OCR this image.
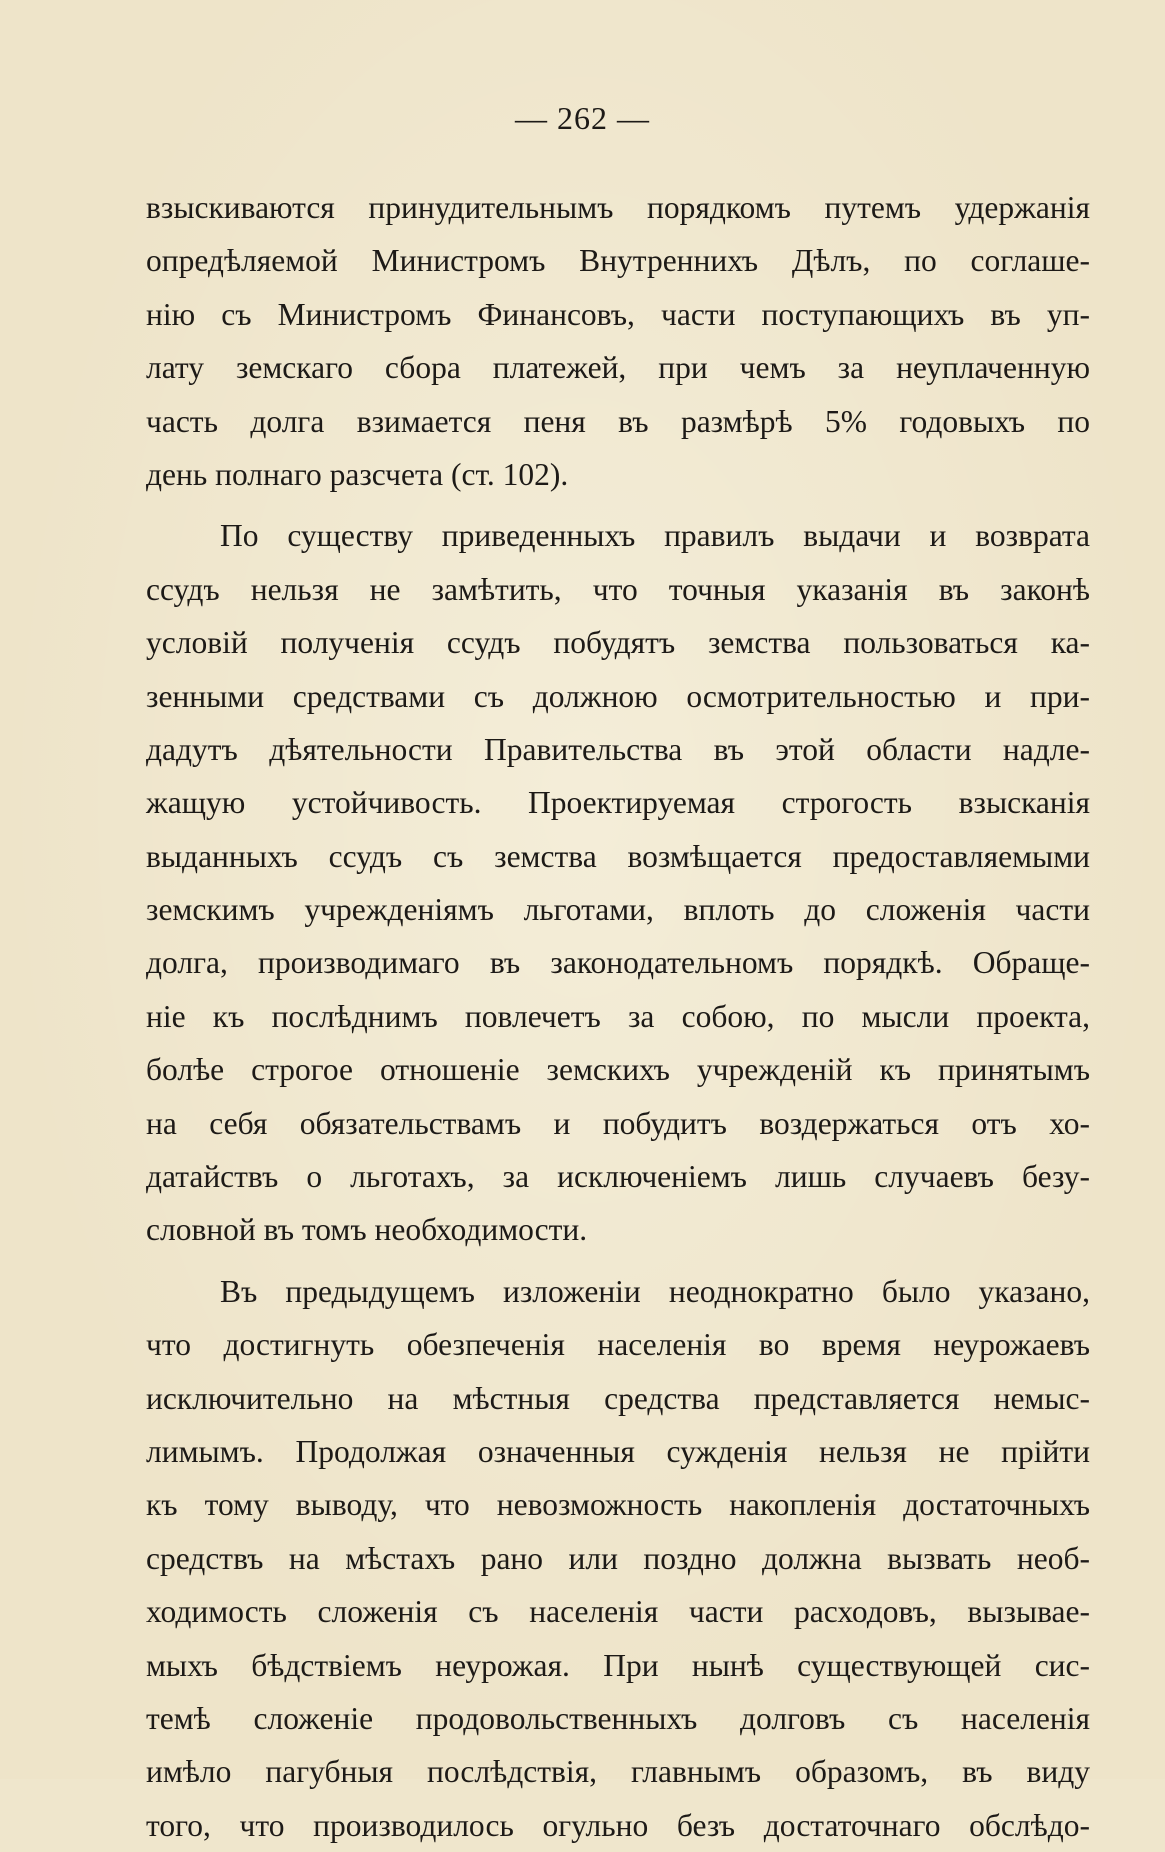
— 262 —
взыскиваются принудительнымъ порядкомъ путемъ удержанія
опредѣляемой Министромъ Внутреннихъ Дѣлъ, по соглаше-
нію съ Министромъ Финансовъ, части поступающихъ въ уп-
лату земскаго сбора платежей, при чемъ за неуплаченную
часть долга взимается пеня въ размѣрѣ 5% годовыхъ по
день полнаго разсчета (ст. 102).
По существу приведенныхъ правилъ выдачи и возврата
ссудъ нельзя не замѣтить, что точныя указанія въ законѣ
условій полученія ссудъ побудятъ земства пользоваться ка-
зенными средствами съ должною осмотрительностью и при-
дадутъ дѣятельности Правительства въ этой области надле-
жащую устойчивость. Проектируемая строгость взысканія
выданныхъ ссудъ съ земства возмѣщается предоставляемыми
земскимъ учрежденіямъ льготами, вплоть до сложенія части
долга, производимаго въ законодательномъ порядкѣ. Обраще-
ніе къ послѣднимъ повлечетъ за собою, по мысли проекта,
болѣе строгое отношеніе земскихъ учрежденій къ принятымъ
на себя обязательствамъ и побудитъ воздержаться отъ хо-
датайствъ о льготахъ, за исключеніемъ лишь случаевъ безу-
словной въ томъ необходимости.
Въ предыдущемъ изложеніи неоднократно было указано,
что достигнуть обезпеченія населенія во время неурожаевъ
исключительно на мѣстныя средства представляется немыс-
лимымъ. Продолжая означенныя сужденія нельзя не прійти
къ тому выводу, что невозможность накопленія достаточныхъ
средствъ на мѣстахъ рано или поздно должна вызвать необ-
ходимость сложенія съ населенія части расходовъ, вызывае-
мыхъ бѣдствіемъ неурожая. При нынѣ существующей сис-
темѣ сложеніе продовольственныхъ долговъ съ населенія
имѣло пагубныя послѣдствія, главнымъ образомъ, въ виду
того, что производилось огульно безъ достаточнаго обслѣдо-
